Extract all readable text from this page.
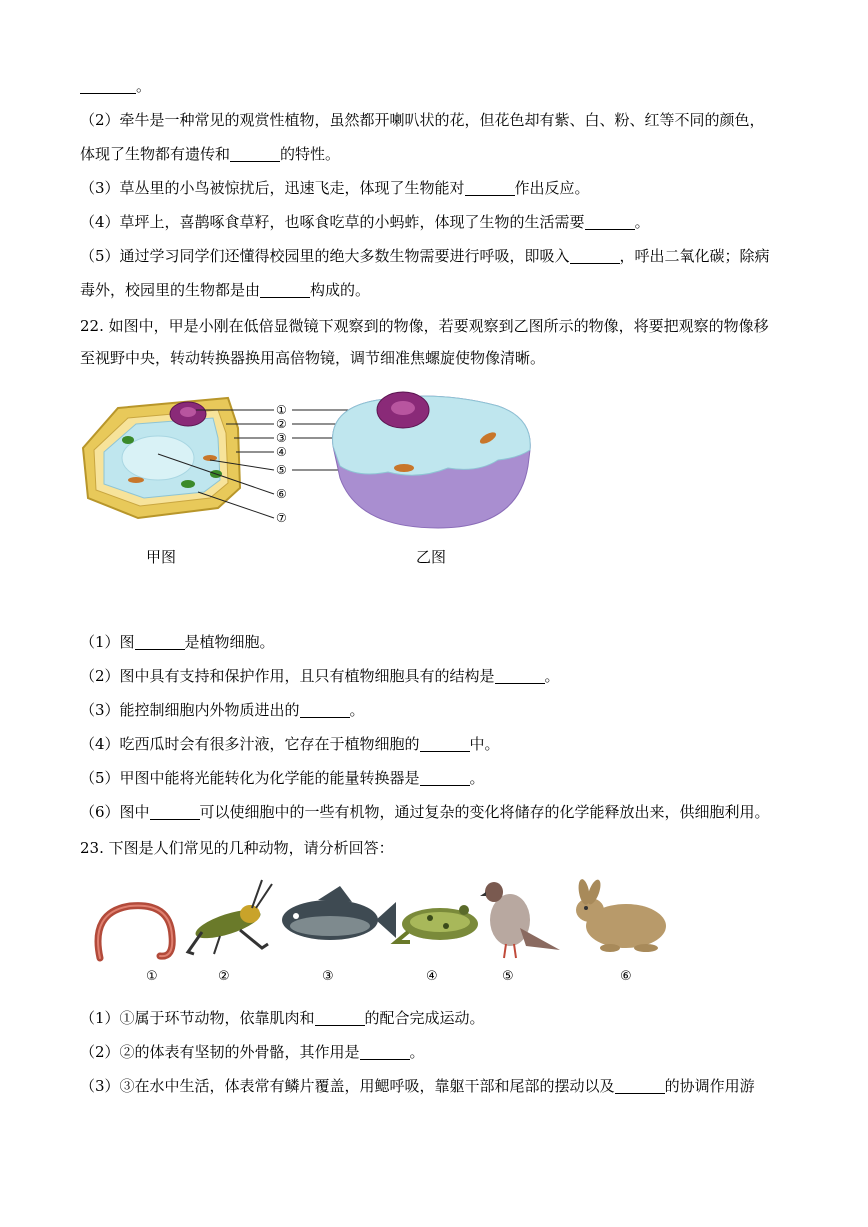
。
（2）牵牛是一种常见的观赏性植物，虽然都开喇叭状的花，但花色却有紫、白、粉、红等不同的颜色，
体现了生物都有遗传和	的特性。
（3）草丛里的小鸟被惊扰后，迅速飞走，体现了生物能对	作出反应。
（4）草坪上，喜鹊啄食草籽，也啄食吃草的小蚂蚱，体现了生物的生活需要	。
（5）通过学习同学们还懂得校园里的绝大多数生物需要进行呼吸，即吸入	，呼出二氧化碳；除病
毒外，校园里的生物都是由	构成的。
22. 如图中，甲是小刚在低倍显微镜下观察到的物像，若要观察到乙图所示的物像，将要把观察的物像移
至视野中央，转动转换器换用高倍物镜，调节细准焦螺旋使物像清晰。
①
②
③
④
⑤
⑥
⑦
甲图	乙图
（1）图	是植物细胞。
（2）图中具有支持和保护作用，且只有植物细胞具有的结构是	。
（3）能控制细胞内外物质进出的	。
（4）吃西瓜时会有很多汁液，它存在于植物细胞的	中。
（5）甲图中能将光能转化为化学能的能量转换器是	。
（6）图中	可以使细胞中的一些有机物，通过复杂的变化将储存的化学能释放出来，供细胞利用。
23. 下图是人们常见的几种动物，请分析回答：
①	②	③	④	⑤	⑥
（1）①属于环节动物，依靠肌肉和	的配合完成运动。
（2）②的体表有坚韧的外骨骼，其作用是	。
（3）③在水中生活，体表常有鳞片覆盖，用鳃呼吸，靠躯干部和尾部的摆动以及	的协调作用游
